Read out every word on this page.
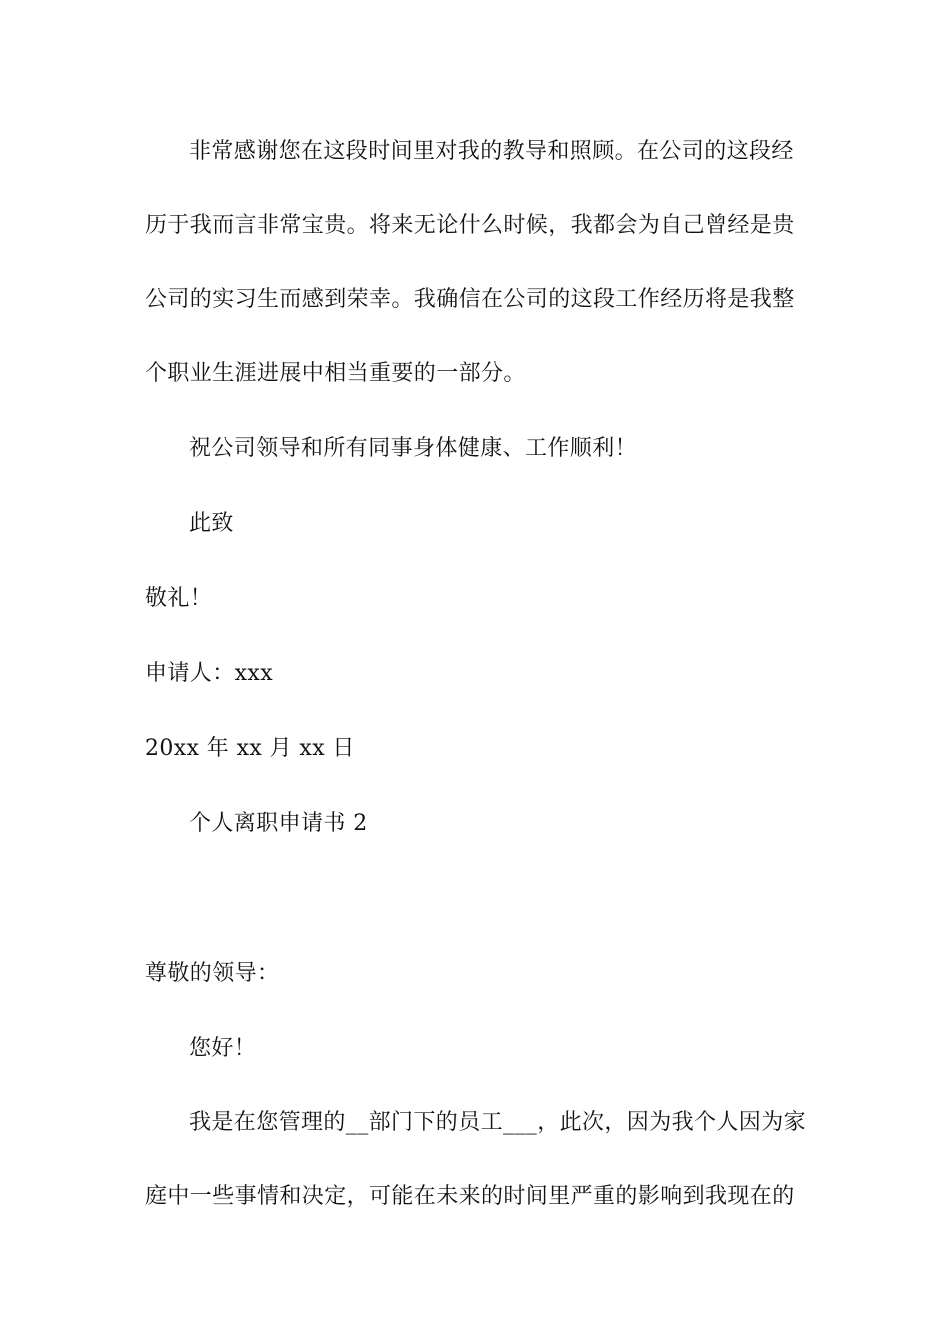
非常感谢您在这段时间里对我的教导和照顾。在公司的这段经
历于我而言非常宝贵。将来无论什么时候，我都会为自己曾经是贵
公司的实习生而感到荣幸。我确信在公司的这段工作经历将是我整
个职业生涯进展中相当重要的一部分。
祝公司领导和所有同事身体健康、工作顺利！
此致
敬礼！
申请人：xxx
20xx 年 xx 月 xx 日
个人离职申请书 2
尊敬的领导：
您好！
我是在您管理的__部门下的员工___，此次，因为我个人因为家
庭中一些事情和决定，可能在未来的时间里严重的影响到我现在的
